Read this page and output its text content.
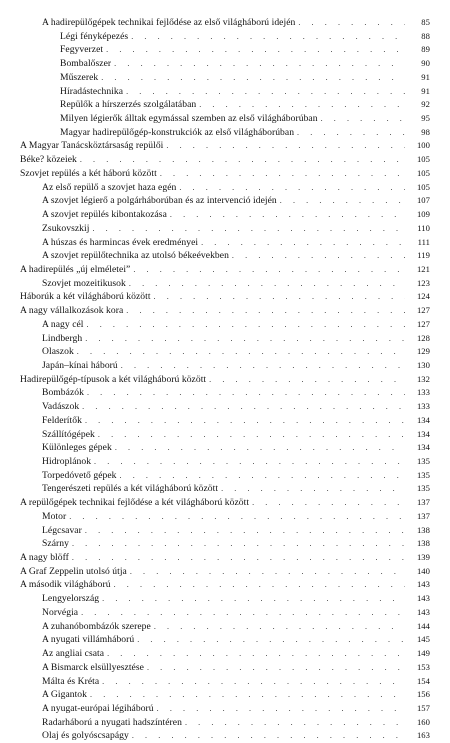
A hadirepülőgépek technikai fejlődése az első világháború idején . . .	85
Légi fényképezés . . .	88
Fegyverzet . . .	89
Bombalőszer . . .	90
Műszerek . . .	91
Híradástechnika . . .	91
Repülők a hírszerzés szolgálatában . . .	92
Milyen légierők álltak egymással szemben az első világháborúban . . .	95
Magyar hadirepülőgép-konstrukciók az első világháborúban . . .	98
A Magyar Tanácsköztársaság repülői . . .	100
Béke? közeiek . . .	105
Szovjet repülés a két háború között . . .	105
Az első repülő a szovjet haza egén . . .	105
A szovjet légierő a polgárháborúban és az intervenció idején . . .	107
A szovjet repülés kibontakozása . . .	109
Zsukovszkij . . .	110
A húszas és harmincas évek eredményei . . .	111
A szovjet repülőtechnika az utolsó békeévekben . . .	119
A hadirepülés „új elméletei” . . .	121
Szovjet mozeitikusok . . .	123
Háborúk a két világháború között . . .	124
A nagy vállalkozások kora . . .	127
A nagy cél . . .	127
Lindbergh . . .	128
Olaszok . . .	129
Japán–kínai háború . . .	130
Hadirepülőgép-típusok a két világháború között . . .	132
Bombázók . . .	133
Vadászok . . .	133
Felderítők . . .	134
Szállítógépek . . .	134
Különleges gépek . . .	134
Hidroplánok . . .	135
Torpedóvető gépek . . .	135
Tengerészeti repülés a két világháború között . . .	135
A repülőgépek technikai fejlődése a két világháború között . . .	137
Motor . . .	137
Légcsavar . . .	138
Szárny . . .	138
A nagy blöff . . .	139
A Graf Zeppelin utolsó útja . . .	140
A második világháború . . .	143
Lengyelország . . .	143
Norvégia . . .	143
A zuhanóbombázók szerepe . . .	144
A nyugati villámháború . . .	145
Az angliai csata . . .	149
A Bismarck elsüllyesztése . . .	153
Málta és Kréta . . .	154
A Gigantok . . .	156
A nyugat-európai légiháború . . .	157
Radarháború a nyugati hadszíntéren . . .	160
Olaj és golyóscsapágy . . .	163
